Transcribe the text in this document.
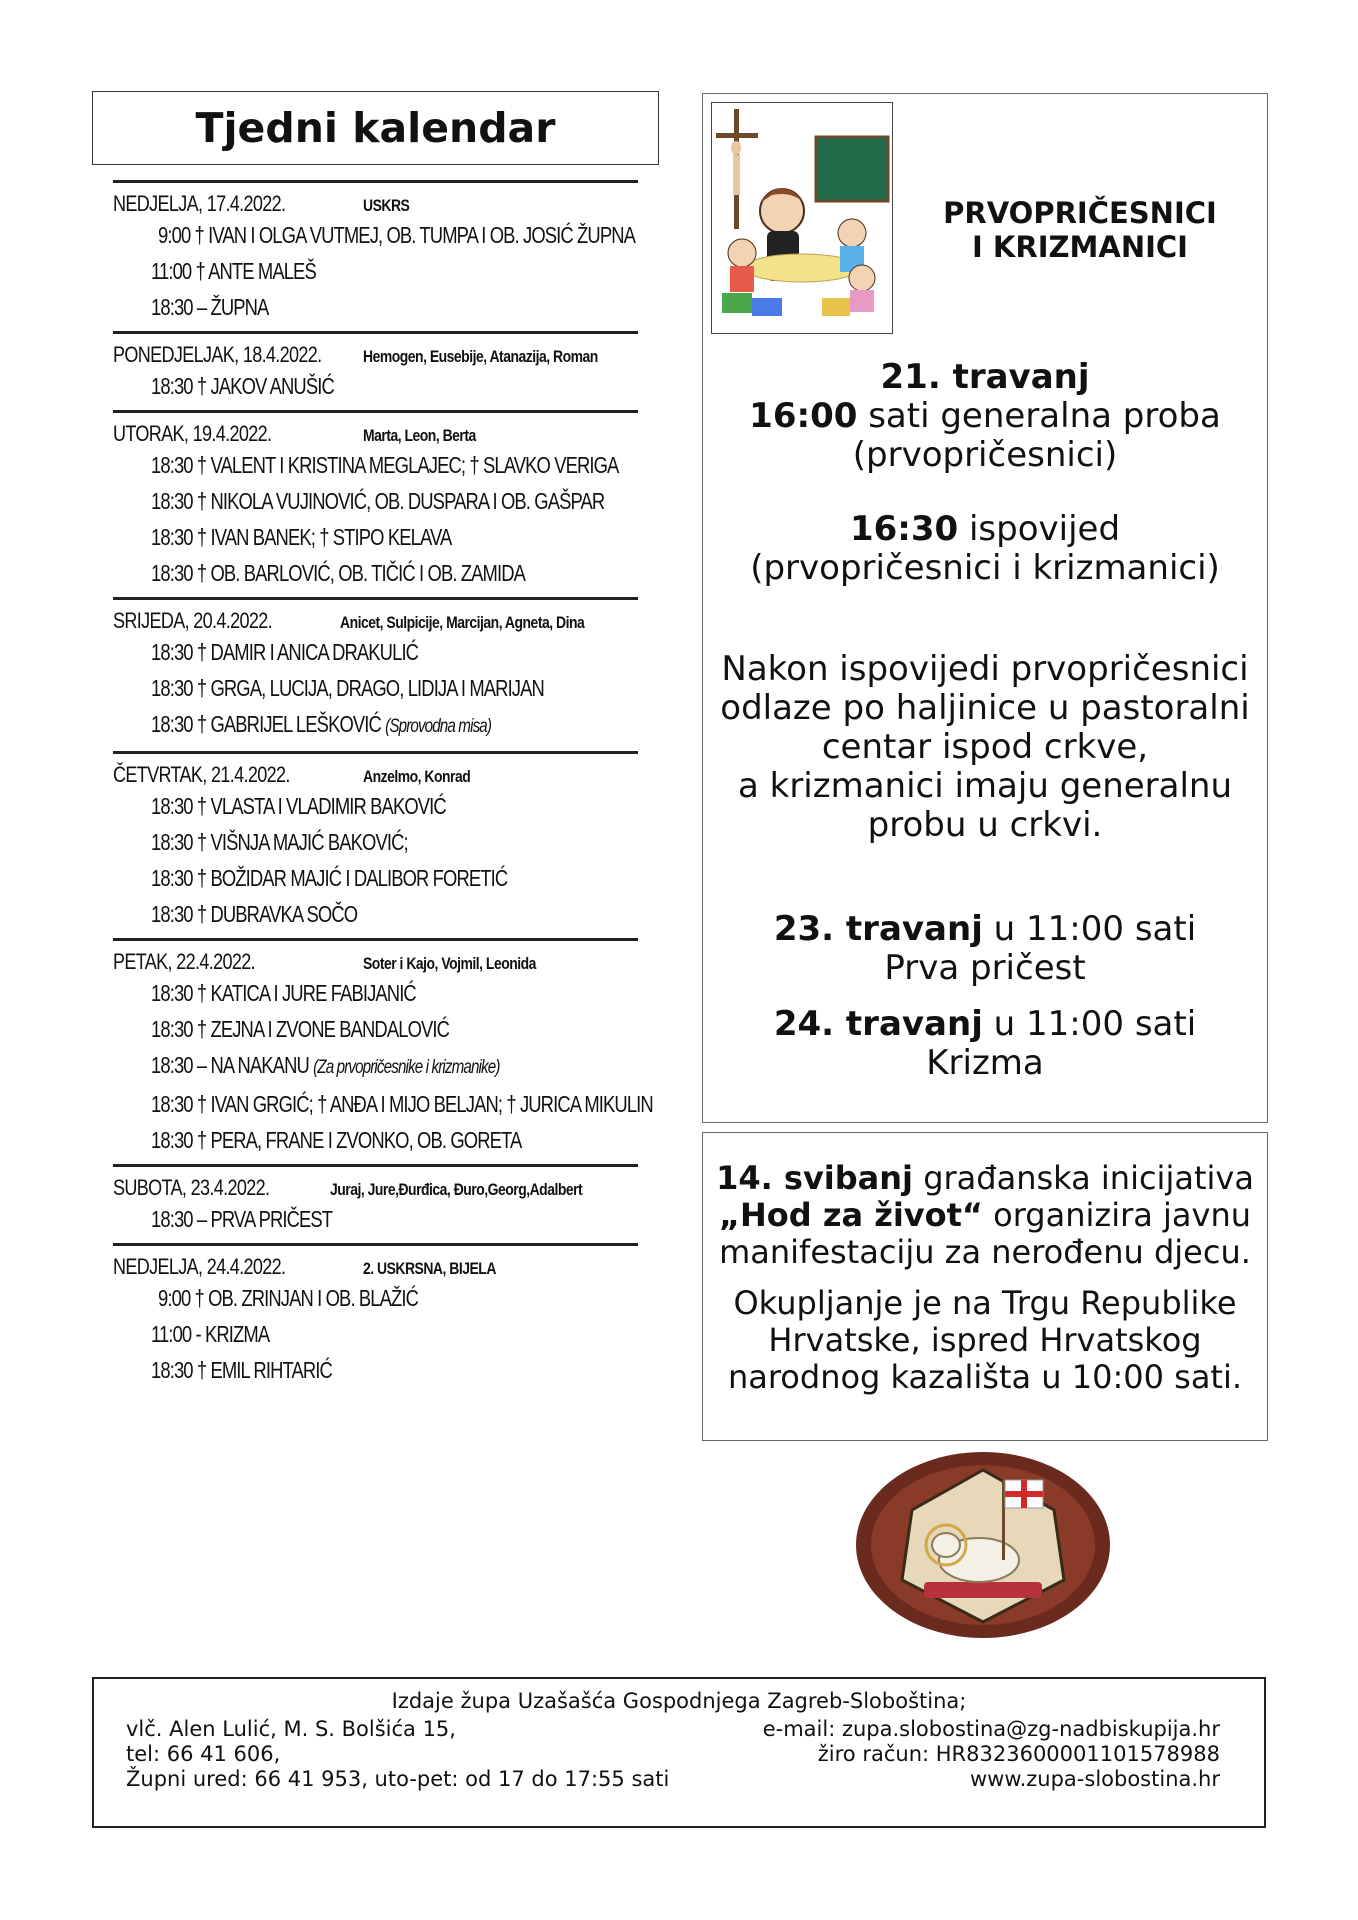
Tjedni kalendar
NEDJELJA, 17.4.2022.	USKRS
9:00 † IVAN I OLGA VUTMEJ, OB. TUMPA I OB. JOSIĆ ŽUPNA
11:00 † ANTE MALEŠ
18:30 – ŽUPNA
PONEDJELJAK, 18.4.2022. Hemogen, Eusebije, Atanazija, Roman
18:30 † JAKOV ANUŠIĆ
UTORAK, 19.4.2022.	Marta, Leon, Berta
18:30 † VALENT I KRISTINA MEGLAJEC; † SLAVKO VERIGA
18:30 † NIKOLA VUJINOVIĆ, OB. DUSPARA I OB. GAŠPAR
18:30 † IVAN BANEK; † STIPO KELAVA
18:30 † OB. BARLOVIĆ, OB. TIČIĆ I OB. ZAMIDA
SRIJEDA, 20.4.2022.	Anicet, Sulpicije, Marcijan, Agneta, Dina
18:30 † DAMIR I ANICA DRAKULIĆ
18:30 † GRGA, LUCIJA, DRAGO, LIDIJA I MARIJAN
18:30 † GABRIJEL LEŠKOVIĆ (Sprovodna misa)
ČETVRTAK, 21.4.2022.	Anzelmo, Konrad
18:30 † VLASTA I VLADIMIR BAKOVIĆ
18:30 † VIŠNJA MAJIĆ BAKOVIĆ;
18:30 † BOŽIDAR MAJIĆ I DALIBOR FORETIĆ
18:30 † DUBRAVKA SOČO
PETAK, 22.4.2022.	Soter i Kajo, Vojmil, Leonida
18:30 † KATICA I JURE FABIJANIĆ
18:30 † ZEJNA I ZVONE BANDALOVIĆ
18:30 – NA NAKANU (Za prvopričesnike i krizmanike)
18:30 † IVAN GRGIĆ; † ANĐA I MIJO BELJAN; † JURICA MIKULIN
18:30 † PERA, FRANE I ZVONKO, OB. GORETA
SUBOTA, 23.4.2022.	Juraj, Jure,Đurđica, Đuro,Georg,Adalbert
18:30 – PRVA PRIČEST
NEDJELJA, 24.4.2022.	2. USKRSNA, BIJELA
9:00 † OB. ZRINJAN I OB. BLAŽIĆ
11:00 - KRIZMA
18:30 † EMIL RIHTARIĆ
PRVOPRIČESNICI
I KRIZMANICI
21. travanj
16:00 sati generalna proba
(prvopričesnici)
16:30 ispovijed
(prvopričesnici i krizmanici)
Nakon ispovijedi prvopričesnici
odlaze po haljinice u pastoralni
centar ispod crkve,
a krizmanici imaju generalnu
probu u crkvi.
23. travanj u 11:00 sati
Prva pričest
24. travanj u 11:00 sati
Krizma
14. svibanj građanska inicijativa
„Hod za život“ organizira javnu
manifestaciju za nerođenu djecu.
Okupljanje je na Trgu Republike
Hrvatske, ispred Hrvatskog
narodnog kazališta u 10:00 sati.
Izdaje župa Uzašašća Gospodnjega Zagreb-Sloboština;
vlč. Alen Lulić, M. S. Bolšića 15,
tel: 66 41 606,
Župni ured: 66 41 953, uto-pet: od 17 do 17:55 sati
e-mail: zupa.slobostina@zg-nadbiskupija.hr
žiro račun: HR8323600001101578988
www.zupa-slobostina.hr
